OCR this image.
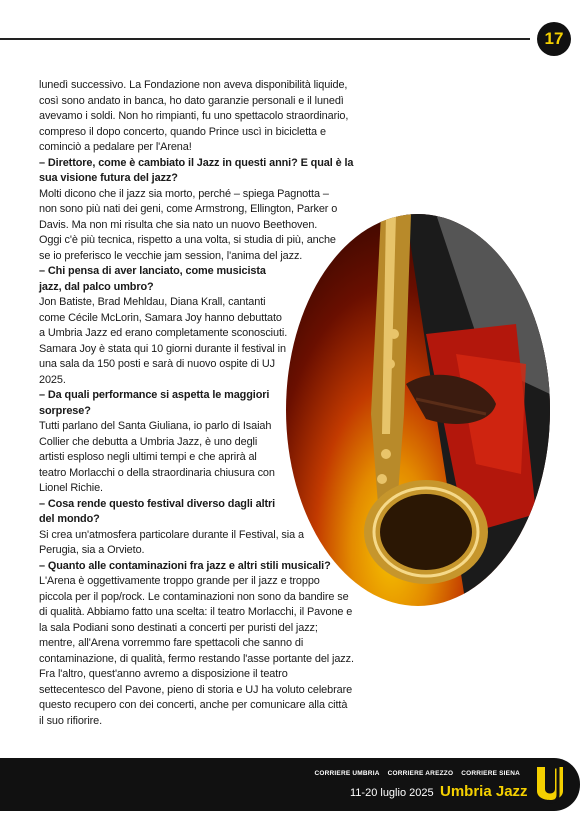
17

lunedì successivo. La Fondazione non aveva disponibilità liquide, così sono andato in banca, ho dato garanzie personali e il lunedì avevamo i soldi. Non ho rimpianti, fu uno spettacolo straordinario, compreso il dopo concerto, quando Prince uscì in bicicletta e cominciò a pedalare per l'Arena!

– Direttore, come è cambiato il Jazz in questi anni? E qual è la sua visione futura del jazz?

Molti dicono che il jazz sia morto, perché – spiega Pagnotta – non sono più nati dei geni, come Armstrong, Ellington, Parker o Davis. Ma non mi risulta che sia nato un nuovo Beethoven. Oggi c'è più tecnica, rispetto a una volta, si studia di più, anche se io preferisco le vecchie jam session, l'anima del jazz.

– Chi pensa di aver lanciato, come musicista jazz, dal palco umbro?

Jon Batiste, Brad Mehldau, Diana Krall, cantanti come Cécile McLorin, Samara Joy hanno debuttato a Umbria Jazz ed erano completamente sconosciuti. Samara Joy è stata qui 10 giorni durante il festival in una sala da 150 posti e sarà di nuovo ospite di UJ 2025.

– Da quali performance si aspetta le maggiori sorprese?

Tutti parlano del Santa Giuliana, io parlo di Isaiah Collier che debutta a Umbria Jazz, è uno degli artisti esploso negli ultimi tempi e che aprirà al teatro Morlacchi o della straordinaria chiusura con Lionel Richie.

– Cosa rende questo festival diverso dagli altri del mondo?

Si crea un'atmosfera particolare durante il Festival, sia a Perugia, sia a Orvieto.

– Quanto alle contaminazioni fra jazz e altri stili musicali?

L'Arena è oggettivamente troppo grande per il jazz e troppo piccola per il pop/rock. Le contaminazioni non sono da bandire se di qualità. Abbiamo fatto una scelta: il teatro Morlacchi, il Pavone e la sala Podiani sono destinati a concerti per puristi del jazz; mentre, all'Arena vorremmo fare spettacoli che sanno di contaminazione, di qualità, fermo restando l'asse portante del jazz. Fra l'altro, quest'anno avremo a disposizione il teatro settecentesco del Pavone, pieno di storia e UJ ha voluto celebrare questo recupero con dei concerti, anche per comunicare alla città il suo rifiorire.

CORRIERE UMBRIA CORRIERE AREZZO CORRIERE SIENA
11-20 luglio 2025 Umbria Jazz
